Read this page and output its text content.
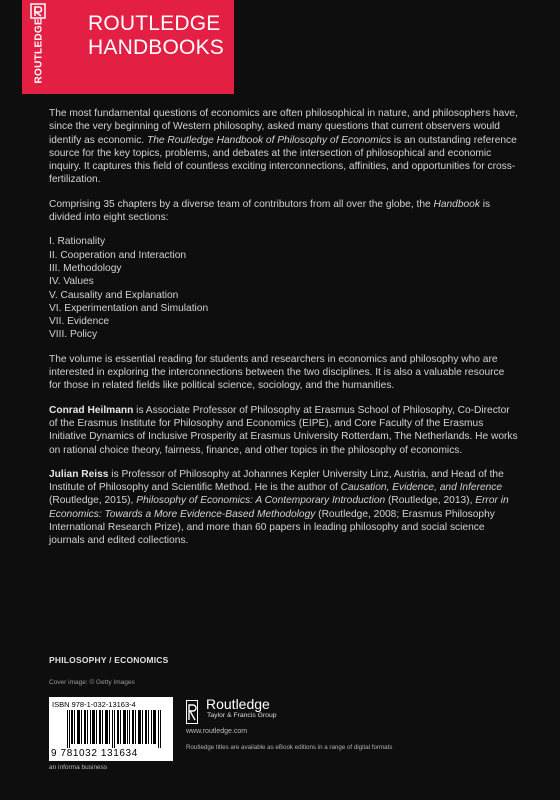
ROUTLEDGE ROUTLEDGE
HANDBOOKS

The most fundamental questions of economics are often philosophical in nature, and philosophers have, since the very beginning of Western philosophy, asked many questions that current observers would identify as economic. The Routledge Handbook of Philosophy of Economics is an outstanding reference source for the key topics, problems, and debates at the intersection of philosophical and economic inquiry. It captures this field of countless exciting interconnections, affinities, and opportunities for cross-fertilization.

Comprising 35 chapters by a diverse team of contributors from all over the globe, the Handbook is divided into eight sections:

I. Rationality
II. Cooperation and Interaction
III. Methodology
IV. Values
V. Causality and Explanation
VI. Experimentation and Simulation
VII. Evidence
VIII. Policy

The volume is essential reading for students and researchers in economics and philosophy who are interested in exploring the interconnections between the two disciplines. It is also a valuable resource for those in related fields like political science, sociology, and the humanities.

Conrad Heilmann is Associate Professor of Philosophy at Erasmus School of Philosophy, Co-Director of the Erasmus Institute for Philosophy and Economics (EIPE), and Core Faculty of the Erasmus Initiative Dynamics of Inclusive Prosperity at Erasmus University Rotterdam, The Netherlands. He works on rational choice theory, fairness, finance, and other topics in the philosophy of economics.

Julian Reiss is Professor of Philosophy at Johannes Kepler University Linz, Austria, and Head of the Institute of Philosophy and Scientific Method. He is the author of Causation, Evidence, and Inference (Routledge, 2015), Philosophy of Economics: A Contemporary Introduction (Routledge, 2013), Error in Economics: Towards a More Evidence-Based Methodology (Routledge, 2008; Erasmus Philosophy International Research Prize), and more than 60 papers in leading philosophy and social science journals and edited collections.

PHILOSOPHY / ECONOMICS
Cover image: © Getty Images
ISBN 978-1-032-13163-4
9 781032 131634
an informa business
Routledge
Taylor & Francis Group
www.routledge.com
Routledge titles are available as eBook editions in a range of digital formats
